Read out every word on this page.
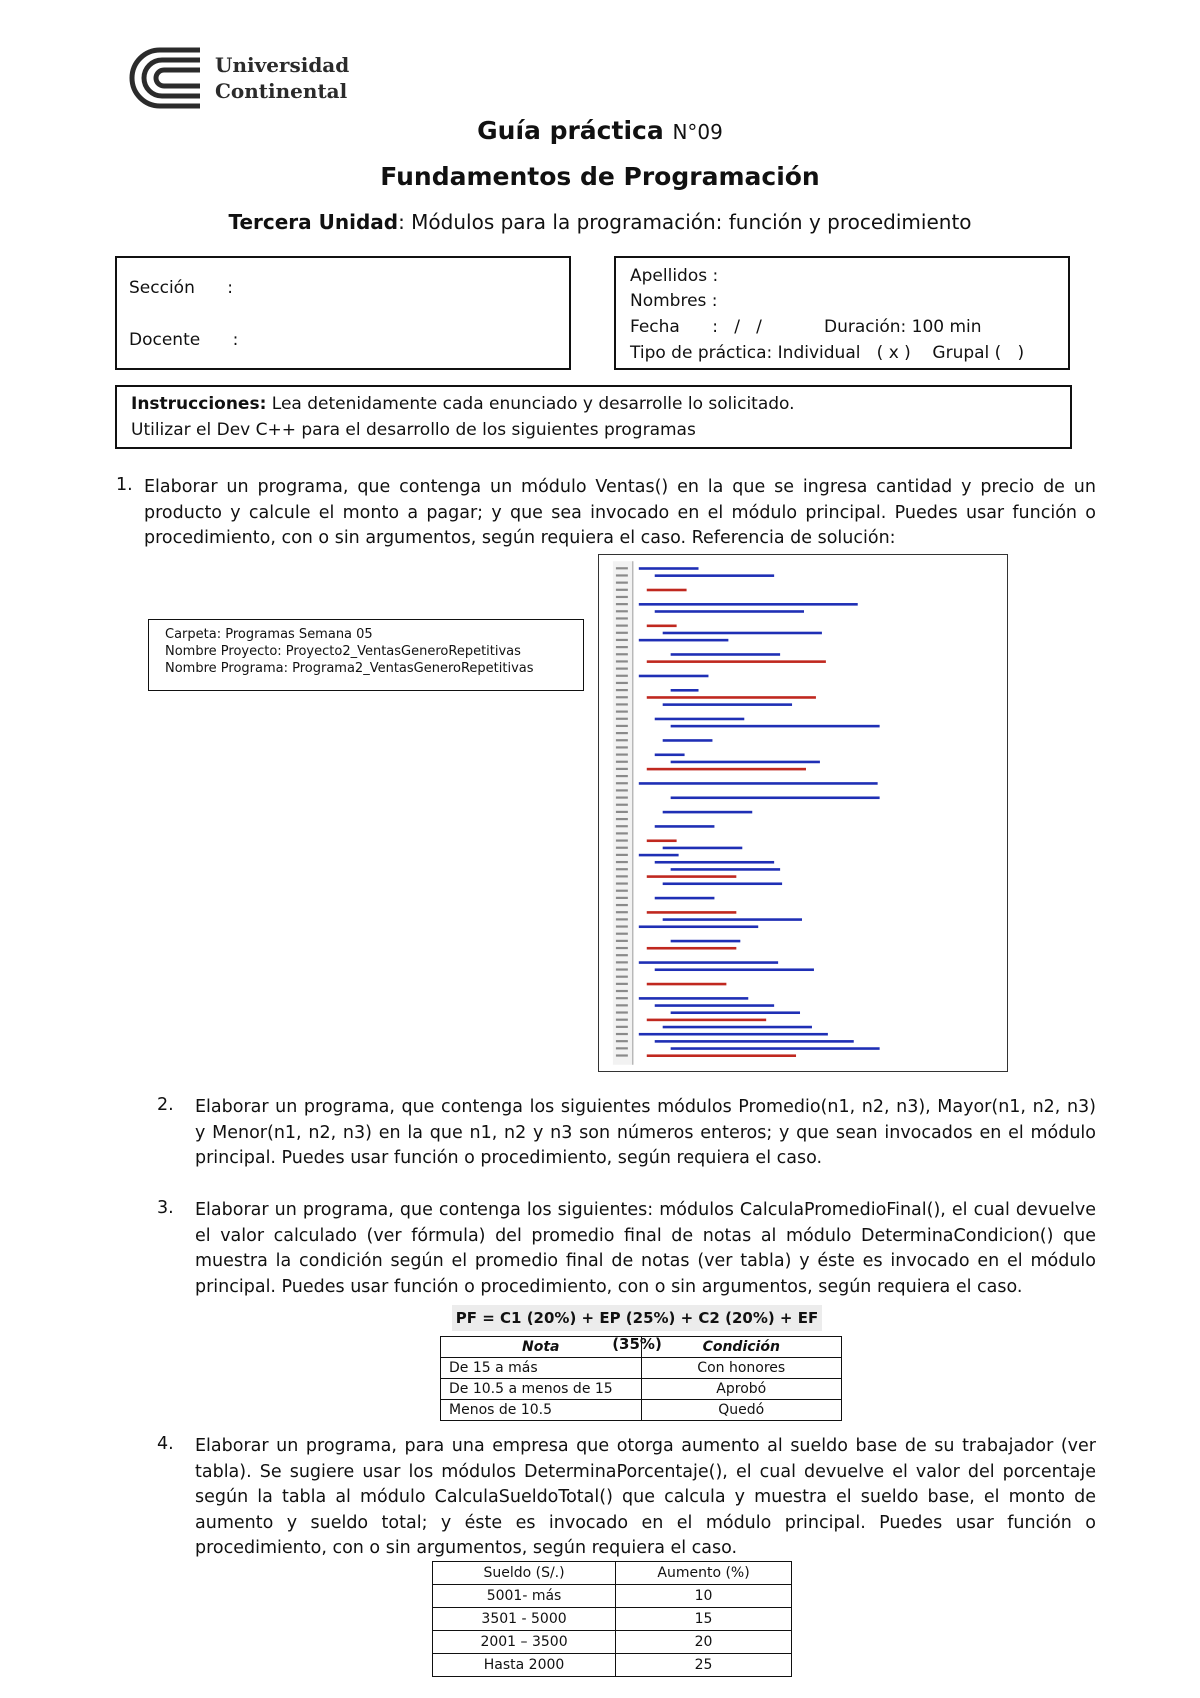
Universidad
Continental
Guía práctica N°09
Fundamentos de Programación
Tercera Unidad: Módulos para la programación: función y procedimiento
Sección      :
Docente      :
Apellidos :
Nombres :
Fecha      :   /   /	Duración: 100 min
Tipo de práctica: Individual   ( x )    Grupal (   )
Instrucciones: Lea detenidamente cada enunciado y desarrolle lo solicitado.
Utilizar el Dev C++ para el desarrollo de los siguientes programas
1. Elaborar un programa, que contenga un módulo Ventas() en la que se ingresa cantidad y precio de un producto y calcule el monto a pagar; y que sea invocado en el módulo principal. Puedes usar función o procedimiento, con o sin argumentos, según requiera el caso. Referencia de solución:
Carpeta: Programas Semana 05
Nombre Proyecto: Proyecto2_VentasGeneroRepetitivas
Nombre Programa: Programa2_VentasGeneroRepetitivas
2. Elaborar un programa, que contenga los siguientes módulos Promedio(n1, n2, n3), Mayor(n1, n2, n3) y Menor(n1, n2, n3) en la que n1, n2 y n3 son números enteros; y que sean invocados en el módulo principal. Puedes usar función o procedimiento, según requiera el caso.
3. Elaborar un programa, que contenga los siguientes: módulos CalculaPromedioFinal(), el cual devuelve el valor calculado (ver fórmula) del promedio final de notas al módulo DeterminaCondicion() que muestra la condición según el promedio final de notas (ver tabla) y éste es invocado en el módulo principal. Puedes usar función o procedimiento, con o sin argumentos, según requiera el caso.
PF = C1 (20%) + EP (25%) + C2 (20%) + EF (35%)
Nota	Condición
De 15 a más	Con honores
De 10.5 a menos de 15	Aprobó
Menos de 10.5	Quedó
4. Elaborar un programa, para una empresa que otorga aumento al sueldo base de su trabajador (ver tabla). Se sugiere usar los módulos DeterminaPorcentaje(), el cual devuelve el valor del porcentaje según la tabla al módulo CalculaSueldoTotal() que calcula y muestra el sueldo base, el monto de aumento y sueldo total; y éste es invocado en el módulo principal. Puedes usar función o procedimiento, con o sin argumentos, según requiera el caso.
Sueldo (S/.)	Aumento (%)
5001- más	10
3501 - 5000	15
2001 – 3500	20
Hasta 2000	25
